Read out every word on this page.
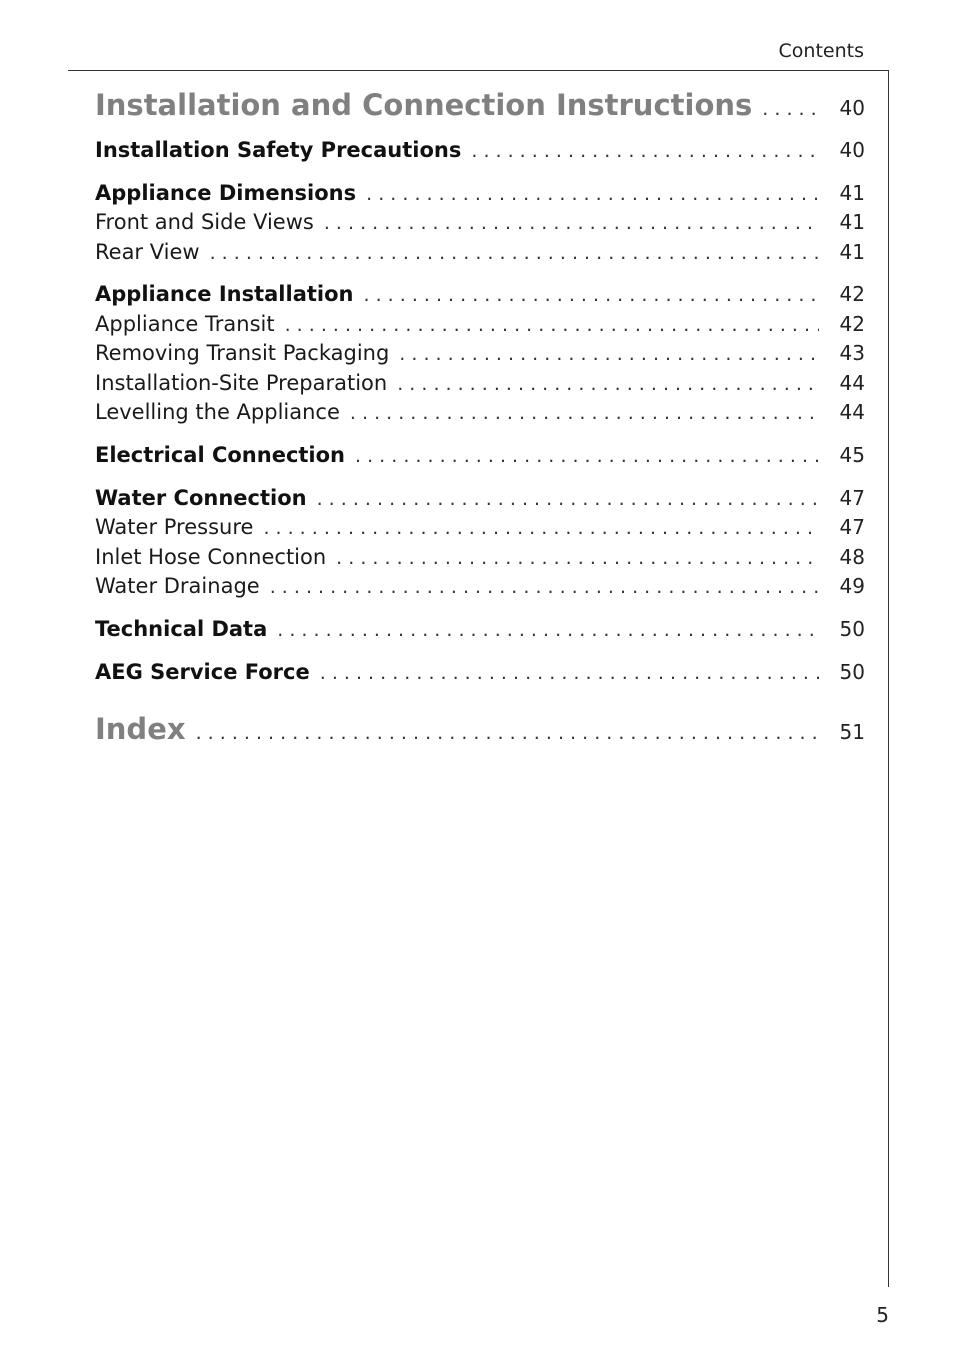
Contents
Installation and Connection Instructions . . .	40
Installation Safety Precautions . . .	40
Appliance Dimensions . . .	41
Front and Side Views . . .	41
Rear View . . .	41
Appliance Installation . . .	42
Appliance Transit . . .	42
Removing Transit Packaging . . .	43
Installation-Site Preparation . . .	44
Levelling the Appliance . . .	44
Electrical Connection . . .	45
Water Connection . . .	47
Water Pressure . . .	47
Inlet Hose Connection . . .	48
Water Drainage . . .	49
Technical Data . . .	50
AEG Service Force . . .	50
Index . . .	51
5
